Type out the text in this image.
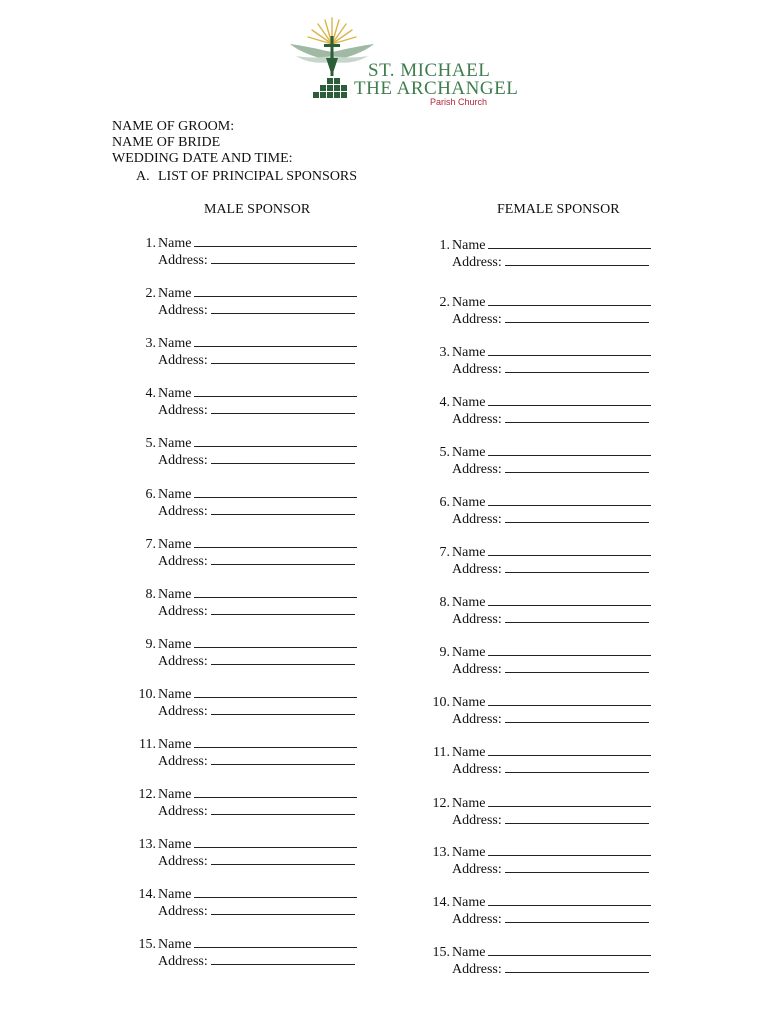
ST. MICHAEL
THE ARCHANGEL
Parish Church
NAME OF GROOM:
NAME OF BRIDE
WEDDING DATE AND TIME:
A. LIST OF PRINCIPAL SPONSORS
MALE SPONSOR	FEMALE SPONSOR
1. Name
Address:
2. Name
Address:
3. Name
Address:
4. Name
Address:
5. Name
Address:
6. Name
Address:
7. Name
Address:
8. Name
Address:
9. Name
Address:
10. Name
Address:
11. Name
Address:
12. Name
Address:
13. Name
Address:
14. Name
Address:
15. Name
Address:
1. Name
Address:
2. Name
Address:
3. Name
Address:
4. Name
Address:
5. Name
Address:
6. Name
Address:
7. Name
Address:
8. Name
Address:
9. Name
Address:
10. Name
Address:
11. Name
Address:
12. Name
Address:
13. Name
Address:
14. Name
Address:
15. Name
Address:
